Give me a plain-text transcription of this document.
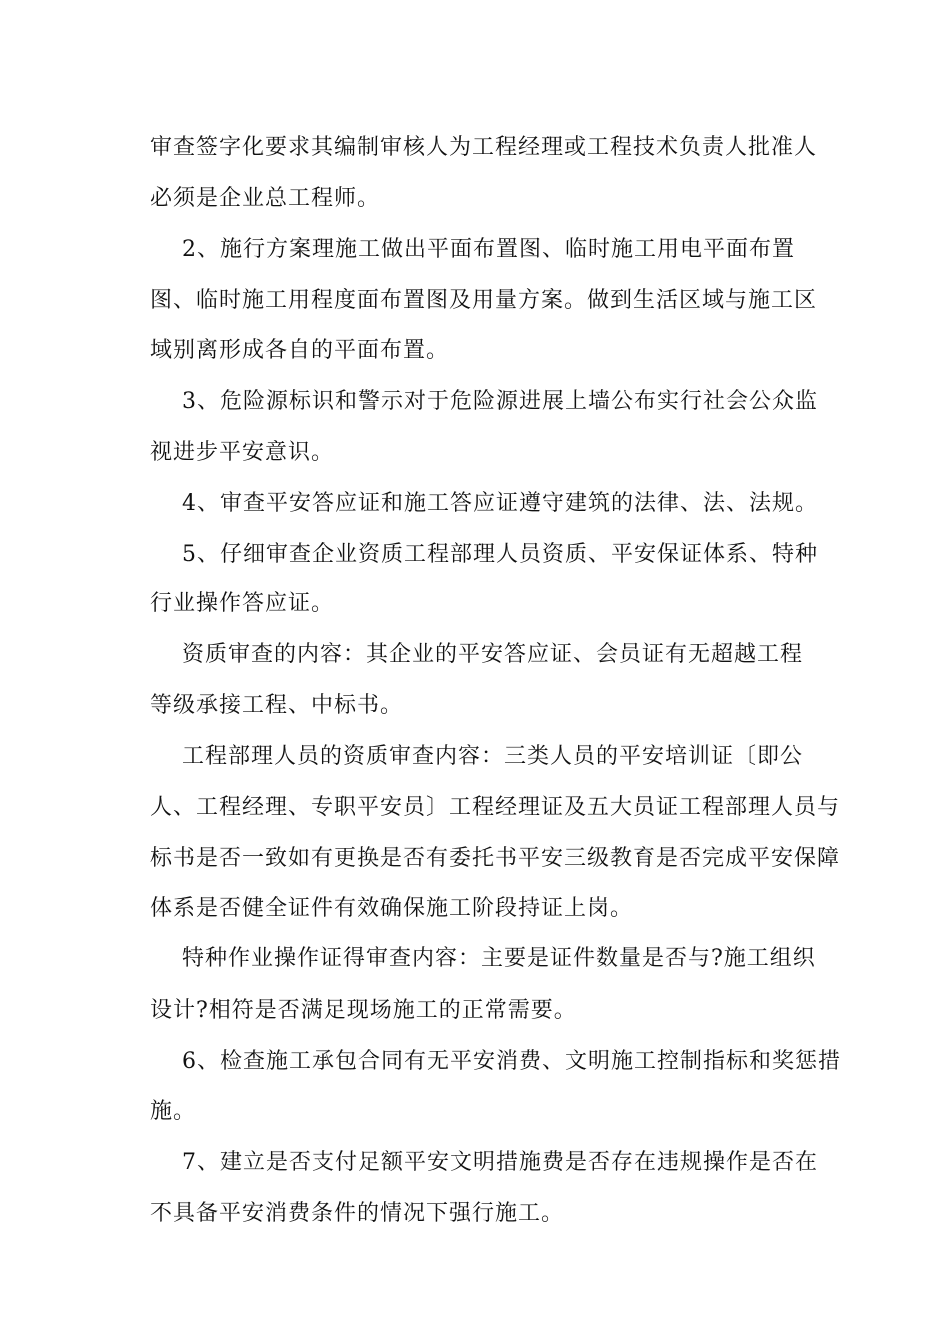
审查签字化要求其编制审核人为工程经理或工程技术负责人批准人

必须是企业总工程师。

2、施行方案理施工做出平面布置图、临时施工用电平面布置

图、临时施工用程度面布置图及用量方案。做到生活区域与施工区

域别离形成各自的平面布置。

3、危险源标识和警示对于危险源进展上墙公布实行社会公众监

视进步平安意识。

4、审查平安答应证和施工答应证遵守建筑的法律、法、法规。

5、仔细审查企业资质工程部理人员资质、平安保证体系、特种

行业操作答应证。

资质审查的内容：其企业的平安答应证、会员证有无超越工程

等级承接工程、中标书。

工程部理人员的资质审查内容：三类人员的平安培训证〔即公

人、工程经理、专职平安员〕工程经理证及五大员证工程部理人员与

标书是否一致如有更换是否有委托书平安三级教育是否完成平安保障

体系是否健全证件有效确保施工阶段持证上岗。

特种作业操作证得审查内容：主要是证件数量是否与?施工组织

设计?相符是否满足现场施工的正常需要。

6、检查施工承包合同有无平安消费、文明施工控制指标和奖惩措

施。

7、建立是否支付足额平安文明措施费是否存在违规操作是否在

不具备平安消费条件的情况下强行施工。
